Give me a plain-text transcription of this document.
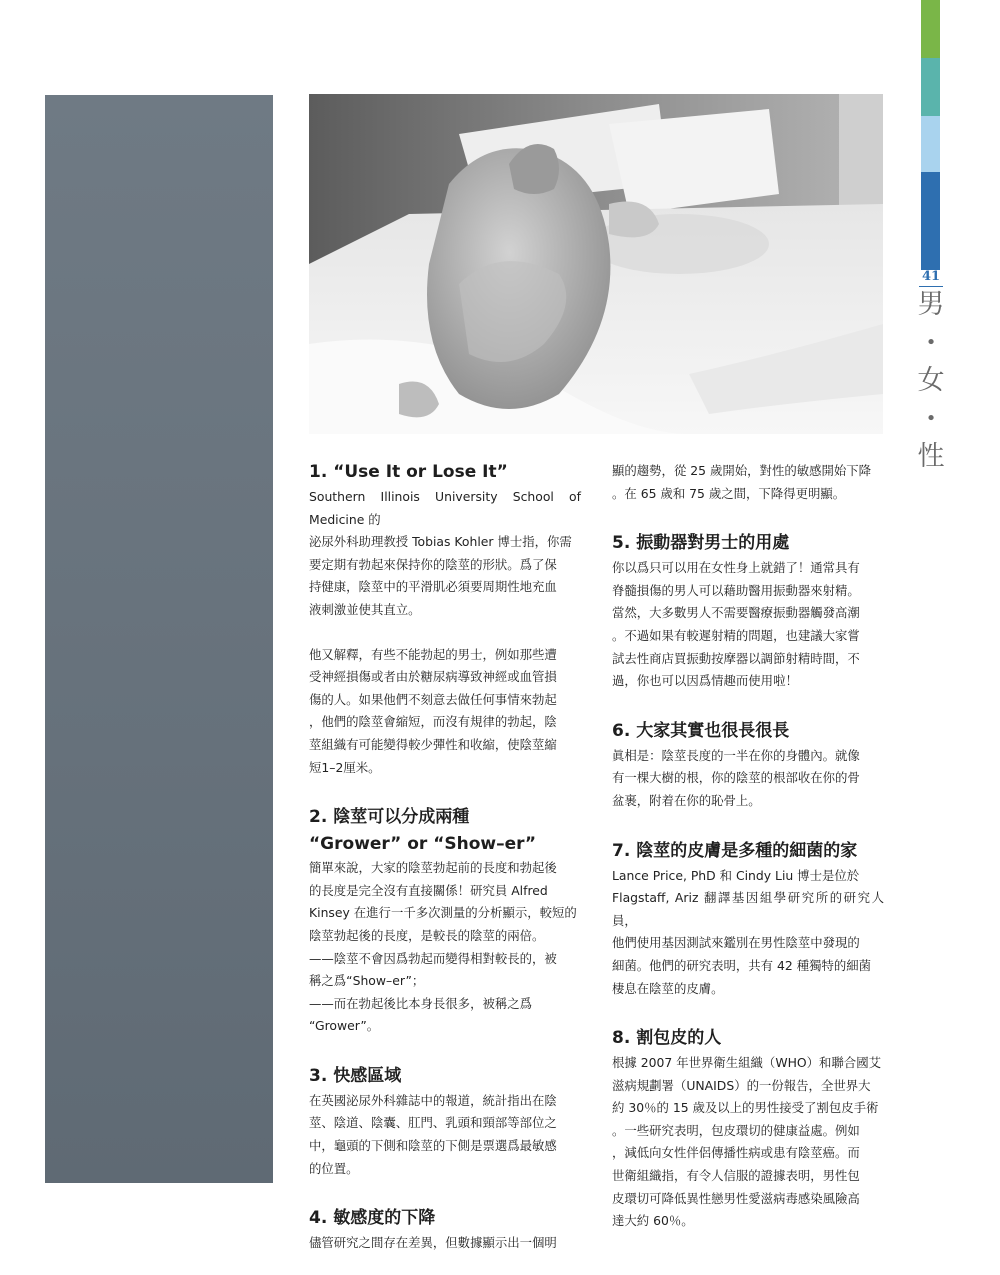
41
男
•
女
•
性
1. “Use It or Lose It”
Southern Illinois University School of Medicine 的
泌尿外科助理教授 Tobias Kohler 博士指，你需
要定期有勃起來保持你的陰莖的形狀。爲了保
持健康，陰莖中的平滑肌必須要周期性地充血
液刺激並使其直立。
他又解釋，有些不能勃起的男士，例如那些遭
受神經損傷或者由於糖尿病導致神經或血管損
傷的人。如果他們不刻意去做任何事情來勃起
，他們的陰莖會縮短，而沒有規律的勃起，陰
莖組織有可能變得較少彈性和收縮，使陰莖縮
短1–2厘米。
2. 陰莖可以分成兩種
“Grower” or “Show–er”
簡單來說，大家的陰莖勃起前的長度和勃起後
的長度是完全沒有直接關係！研究員 Alfred
Kinsey 在進行一千多次測量的分析顯示，較短的
陰莖勃起後的長度，是較長的陰莖的兩倍。
——陰莖不會因爲勃起而變得相對較長的，被
稱之爲“Show–er”；
——而在勃起後比本身長很多，被稱之爲
“Grower”。
3. 快感區域
在英國泌尿外科雜誌中的報道，統計指出在陰
莖、陰道、陰囊、肛門、乳頭和頸部等部位之
中，龜頭的下側和陰莖的下側是票選爲最敏感
的位置。
4. 敏感度的下降
儘管研究之間存在差異，但數據顯示出一個明
顯的趨勢，從 25 歲開始，對性的敏感開始下降
。在 65 歲和 75 歲之間，下降得更明顯。
5. 振動器對男士的用處
你以爲只可以用在女性身上就錯了！通常具有
脊髓損傷的男人可以藉助醫用振動器來射精。
當然，大多數男人不需要醫療振動器觸發高潮
。不過如果有較遲射精的問題，也建議大家嘗
試去性商店買振動按摩器以調節射精時間，不
過，你也可以因爲情趣而使用啦！
6. 大家其實也很長很長
眞相是：陰莖長度的一半在你的身體內。就像
有一棵大樹的根，你的陰莖的根部收在你的骨
盆裹，附着在你的恥骨上。
7. 陰莖的皮膚是多種的細菌的家
Lance Price, PhD 和 Cindy Liu 博士是位於
Flagstaff, Ariz 翻譯基因組學研究所的研究人員，
他們使用基因測試來鑑別在男性陰莖中發現的
細菌。他們的研究表明，共有 42 種獨特的細菌
棲息在陰莖的皮膚。
8. 割包皮的人
根據 2007 年世界衛生組織（WHO）和聯合國艾
滋病規劃署（UNAIDS）的一份報告，全世界大
約 30％的 15 歲及以上的男性接受了割包皮手術
。一些研究表明，包皮環切的健康益處。例如
，減低向女性伴侶傳播性病或患有陰莖癌。而
世衛組織指，有令人信服的證據表明，男性包
皮環切可降低異性戀男性愛滋病毒感染風險高
達大約 60％。
